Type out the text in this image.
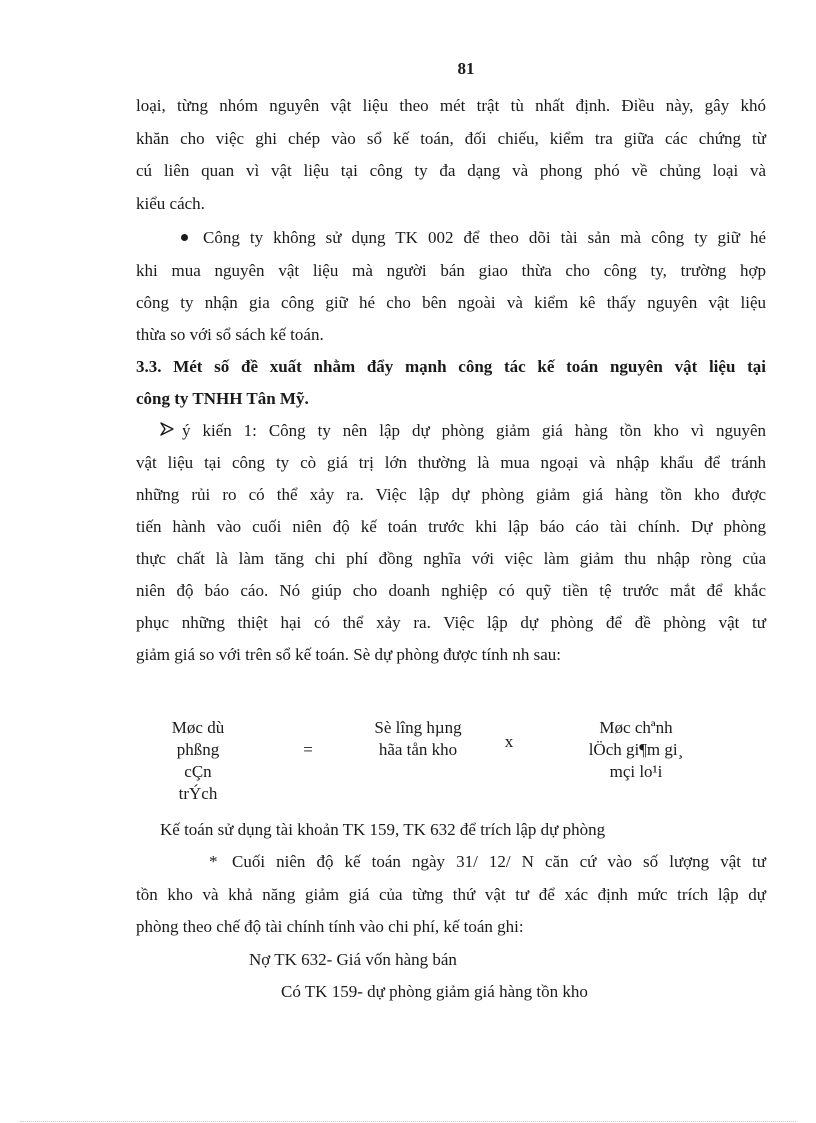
81
loại, từng nhóm nguyên vật liệu theo mét trật tù nhất định. Điều này, gây khó
khăn cho việc ghi chép vào sổ kế toán, đối chiếu, kiểm tra giữa các chứng từ
cú liên quan vì vật liệu tại công ty đa dạng và phong phó về chủng loại và
kiểu cách.
Công ty không sử dụng TK 002 để theo dõi tài sản mà công ty giữ hé
khi mua nguyên vật liệu mà người bán giao thừa cho công ty, trường hợp
công ty nhận gia công giữ hé cho bên ngoài và kiểm kê thấy nguyên vật liệu
thừa so với sổ sách kế toán.
3.3. Mét số đề xuất nhằm đẩy mạnh công tác kế toán nguyên vật liệu tại
công ty TNHH Tân Mỹ.
ý kiến 1: Công ty nên lập dự phòng giảm giá hàng tồn kho vì nguyên
vật liệu tại công ty cò giá trị lớn thường là mua ngoại và nhập khẩu để tránh
những rủi ro có thể xảy ra. Việc lập dự phòng giảm giá hàng tồn kho được
tiến hành vào cuối niên độ kế toán trước khi lập báo cáo tài chính. Dự phòng
thực chất là làm tăng chi phí đồng nghĩa với việc làm giảm thu nhập ròng của
niên độ báo cáo. Nó giúp cho doanh nghiệp có quỹ tiền tệ trước mắt để khắc
phục những thiệt hại có thể xảy ra. Việc lập dự phòng để đề phòng vật tư
giảm giá so với trên sổ kế toán. Sè dự phòng được tính nh sau:
Møc dù
phßng
cÇn
trÝch
=
Sè lîng hµng
hãa tån kho	x
Møc chªnh
lÖch gi¶m gi¸
mçi lo¹i
Kế toán sử dụng tài khoản TK 159, TK 632 để trích lập dự phòng
* Cuối niên độ kế toán ngày 31/ 12/ N căn cứ vào số lượng vật tư
tồn kho và khả năng giảm giá của từng thứ vật tư để xác định mức trích lập dự
phòng theo chế độ tài chính tính vào chi phí, kế toán ghi:
Nợ TK 632- Giá vốn hàng bán
Có TK 159- dự phòng giảm giá hàng tồn kho
